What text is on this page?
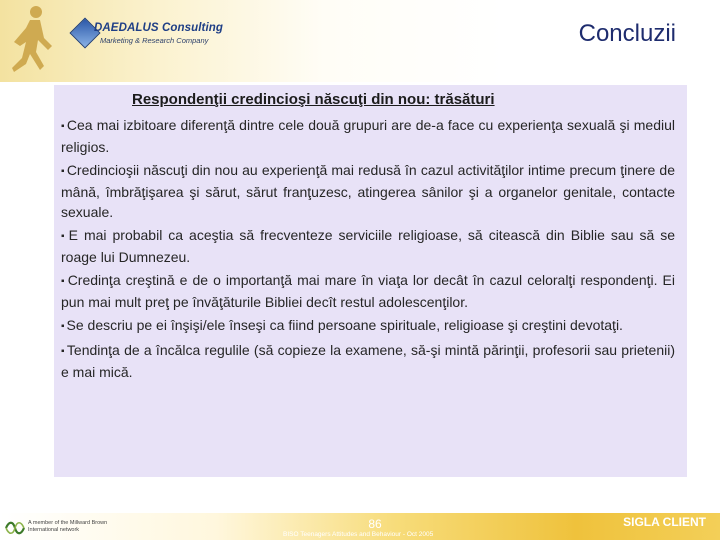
DAEDALUS Consulting
Marketing & Research Company	Concluzii
Respondenţii credincioşi născuţi din nou: trăsături

▪ Cea mai izbitoare diferenţă dintre cele două grupuri are de-a face cu experienţa sexuală şi mediul religios.

▪ Credincioşii născuţi din nou au experienţă mai redusă în cazul activităţilor intime precum ţinere de mână, îmbrăţişarea şi sărut, sărut franţuzesc, atingerea sânilor şi a organelor genitale, contacte sexuale.

▪ E mai probabil ca aceştia să frecventeze serviciile religioase, să citească din Biblie sau să se roage lui Dumnezeu.

▪ Credinţa creştină e de o importanţă mai mare în viaţa lor decât în cazul celoralţi respondenţi. Ei pun mai mult preţ pe învăţăturile Bibliei decît restul adolescenţilor.

▪ Se descriu pe ei înşişi/ele înseşi ca fiind persoane spirituale, religioase şi creştini devotaţi.

▪ Tendinţa de a încălca regulile (să copieze la examene, să-şi mintă părinţii, profesorii sau prietenii) e mai mică.

A member of the Millward Brown International network	86
BISO Teenagers Attitudes and Behaviour - Oct 2005
SIGLA CLIENT
